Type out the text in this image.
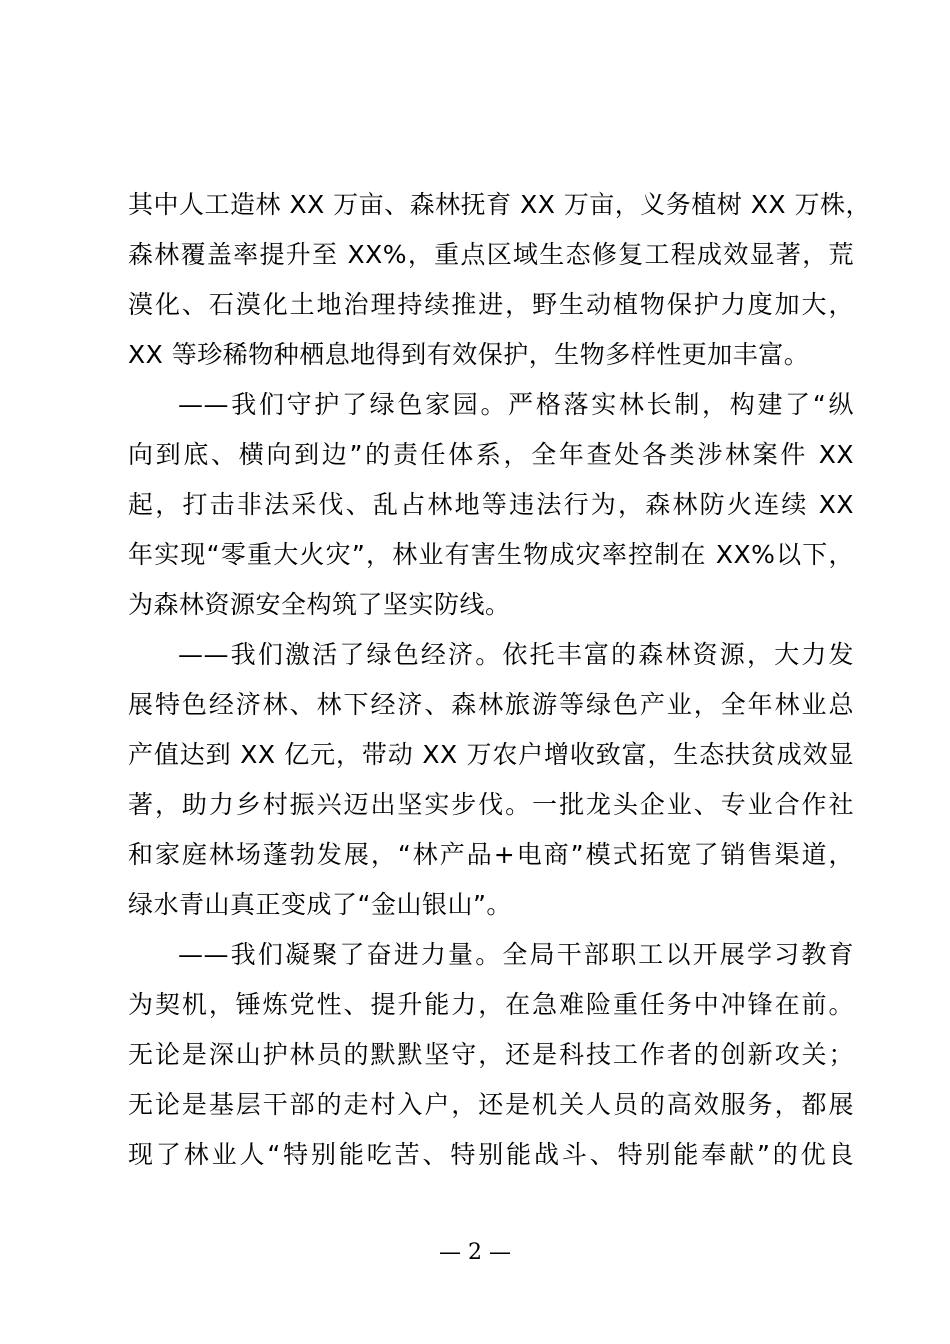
其中人工造林 XX 万亩、森林抚育 XX 万亩，义务植树 XX 万株，
森林覆盖率提升至 XX%，重点区域生态修复工程成效显著，荒
漠化、石漠化土地治理持续推进，野生动植物保护力度加大，
XX 等珍稀物种栖息地得到有效保护，生物多样性更加丰富。
——我们守护了绿色家园。严格落实林长制，构建了“纵
向到底、横向到边”的责任体系，全年查处各类涉林案件 XX
起，打击非法采伐、乱占林地等违法行为，森林防火连续 XX
年实现“零重大火灾”，林业有害生物成灾率控制在 XX%以下，
为森林资源安全构筑了坚实防线。
——我们激活了绿色经济。依托丰富的森林资源，大力发
展特色经济林、林下经济、森林旅游等绿色产业，全年林业总
产值达到 XX 亿元，带动 XX 万农户增收致富，生态扶贫成效显
著，助力乡村振兴迈出坚实步伐。一批龙头企业、专业合作社
和家庭林场蓬勃发展，“林产品+电商”模式拓宽了销售渠道，
绿水青山真正变成了“金山银山”。
——我们凝聚了奋进力量。全局干部职工以开展学习教育
为契机，锤炼党性、提升能力，在急难险重任务中冲锋在前。
无论是深山护林员的默默坚守，还是科技工作者的创新攻关；
无论是基层干部的走村入户，还是机关人员的高效服务，都展
现了林业人“特别能吃苦、特别能战斗、特别能奉献”的优良
— 2 —
